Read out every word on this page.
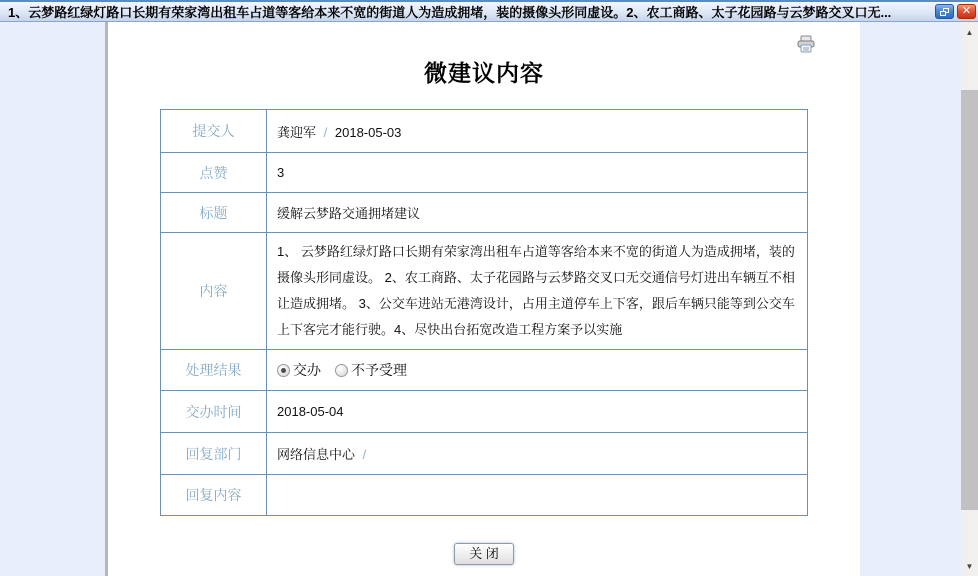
1、云梦路红绿灯路口长期有荣家湾出租车占道等客给本来不宽的街道人为造成拥堵，装的摄像头形同虚设。2、农工商路、太子花园路与云梦路交叉口无...	✕
微建议内容
提交人	龚迎军 / 2018-05-03
点赞	3
标题	缓解云梦路交通拥堵建议
内容	1、 云梦路红绿灯路口长期有荣家湾出租车占道等客给本来不宽的街道人为造成拥堵，装的摄像头形同虚设。 2、农工商路、太子花园路与云梦路交叉口无交通信号灯进出车辆互不相让造成拥堵。 3、公交车进站无港湾设计，占用主道停车上下客，跟后车辆只能等到公交车上下客完才能行驶。4、尽快出台拓宽改造工程方案予以实施
处理结果	交办 不予受理

交办时间	2018-05-04
回复部门	网络信息中心 /
回复内容	
关 闭
▲
▼
